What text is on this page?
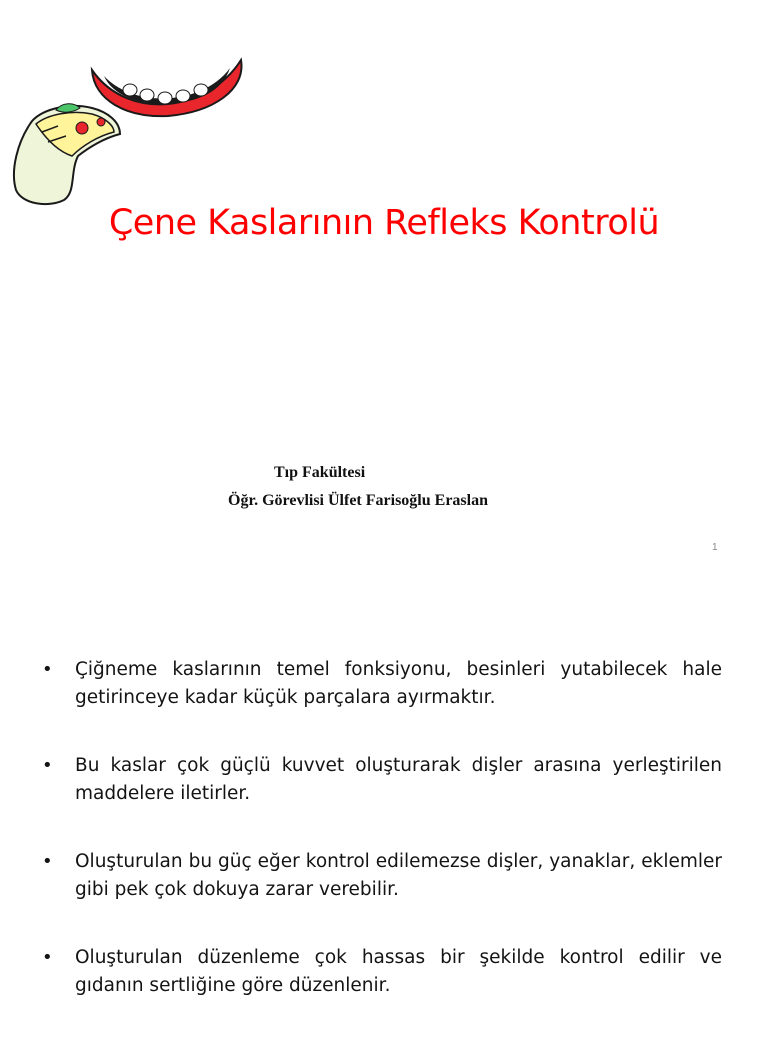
Çene Kaslarının Refleks Kontrolü
Tıp Fakültesi
Öğr. Görevlisi Ülfet Farisoğlu Eraslan
1
• Çiğneme kaslarının temel fonksiyonu, besinleri yutabilecek hale getirinceye kadar küçük parçalara ayırmaktır.
• Bu kaslar çok güçlü kuvvet oluşturarak dişler arasına yerleştirilen maddelere iletirler.
• Oluşturulan bu güç eğer kontrol edilemezse dişler, yanaklar, eklemler gibi pek çok dokuya zarar verebilir.
• Oluşturulan düzenleme çok hassas bir şekilde kontrol edilir ve gıdanın sertliğine göre düzenlenir.
